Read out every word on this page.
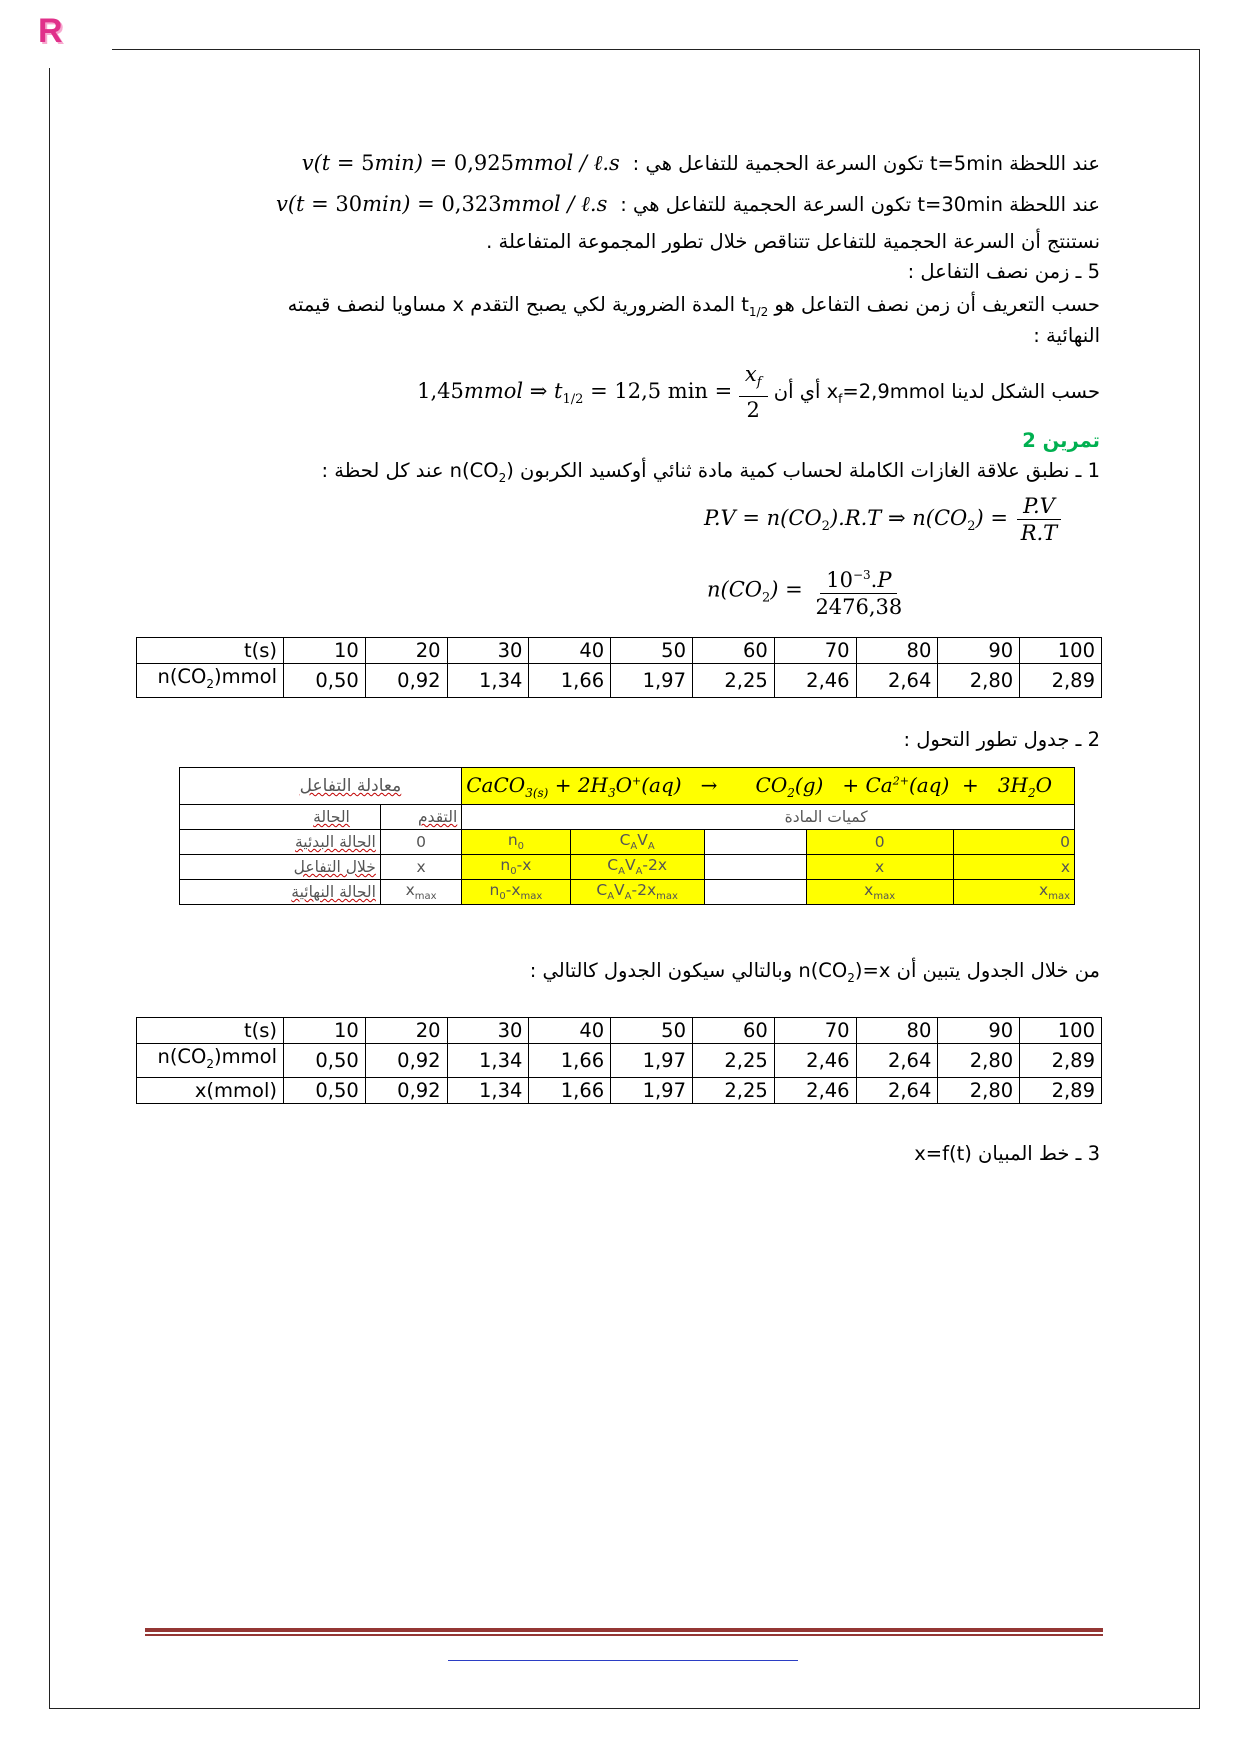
R
عند اللحظة t=5min تكون السرعة الحجمية للتفاعل هي :  v(t = 5min) = 0,925mmol / ℓ.s
عند اللحظة t=30min تكون السرعة الحجمية للتفاعل هي :  v(t = 30min) = 0,323mmol / ℓ.s
نستنتج أن السرعة الحجمية للتفاعل تتناقص خلال تطور المجموعة المتفاعلة .
5 ـ زمن نصف التفاعل :
حسب التعريف أن زمن نصف التفاعل هو $t_{1/2}$ المدة الضرورية لكي يصبح التقدم x مساويا لنصف قيمته
النهائية :
حسب الشكل لدينا $x_f=2,9mmol$ أي أن
$\frac{x_f}{2}$
= 1,45mmol ⇒ $t_{1/2} = 12,5$ min
تمرين 2
1 ـ نطبق علاقة الغازات الكاملة لحساب كمية مادة ثنائي أوكسيد الكربون $n(CO_2)$ عند كل لحظة :
$P.V = n(CO_2).R.T$ ⇒ $n(CO_2) = \frac{P.V}{R.T}$
$n(CO_2) = \frac{10^{-3}.P}{2476,38}$
t(s)	10	20	30	40	50	60	70	80	90	100
$n(CO_2)mmol$	0,50	0,92	1,34	1,66	1,97	2,25	2,46	2,64	2,80	2,89
2 ـ جدول تطور التحول :
معادلة التفاعل		CaCO$_{3(s)}$ + $2H_3O^+(aq)$   →      $CO_2(g) + Ca^{2+}(aq) + 3H_2O$				
الحالة	التقدم	كميات المادة				
الحالة البدئية	0	$n_0$	$C_AV_A$		0	0
خلال التفاعل	x	$n_0-x$	$C_AV_A-2x$		x	x
الحالة النهائية	$x_{max}$	$n_0-x_{max}$	$C_AV_A-2x_{max}$		$x_{max}$	$x_{max}$
من خلال الجدول يتبين أن $n(CO_2)=x$ وبالتالي سيكون الجدول كالتالي :
t(s)	10	20	30	40	50	60	70	80	90	100
$n(CO_2)mmol$	0,50	0,92	1,34	1,66	1,97	2,25	2,46	2,64	2,80	2,89
x(mmol)	0,50	0,92	1,34	1,66	1,97	2,25	2,46	2,64	2,80	2,89
3 ـ خط المبيان x=f(t)
